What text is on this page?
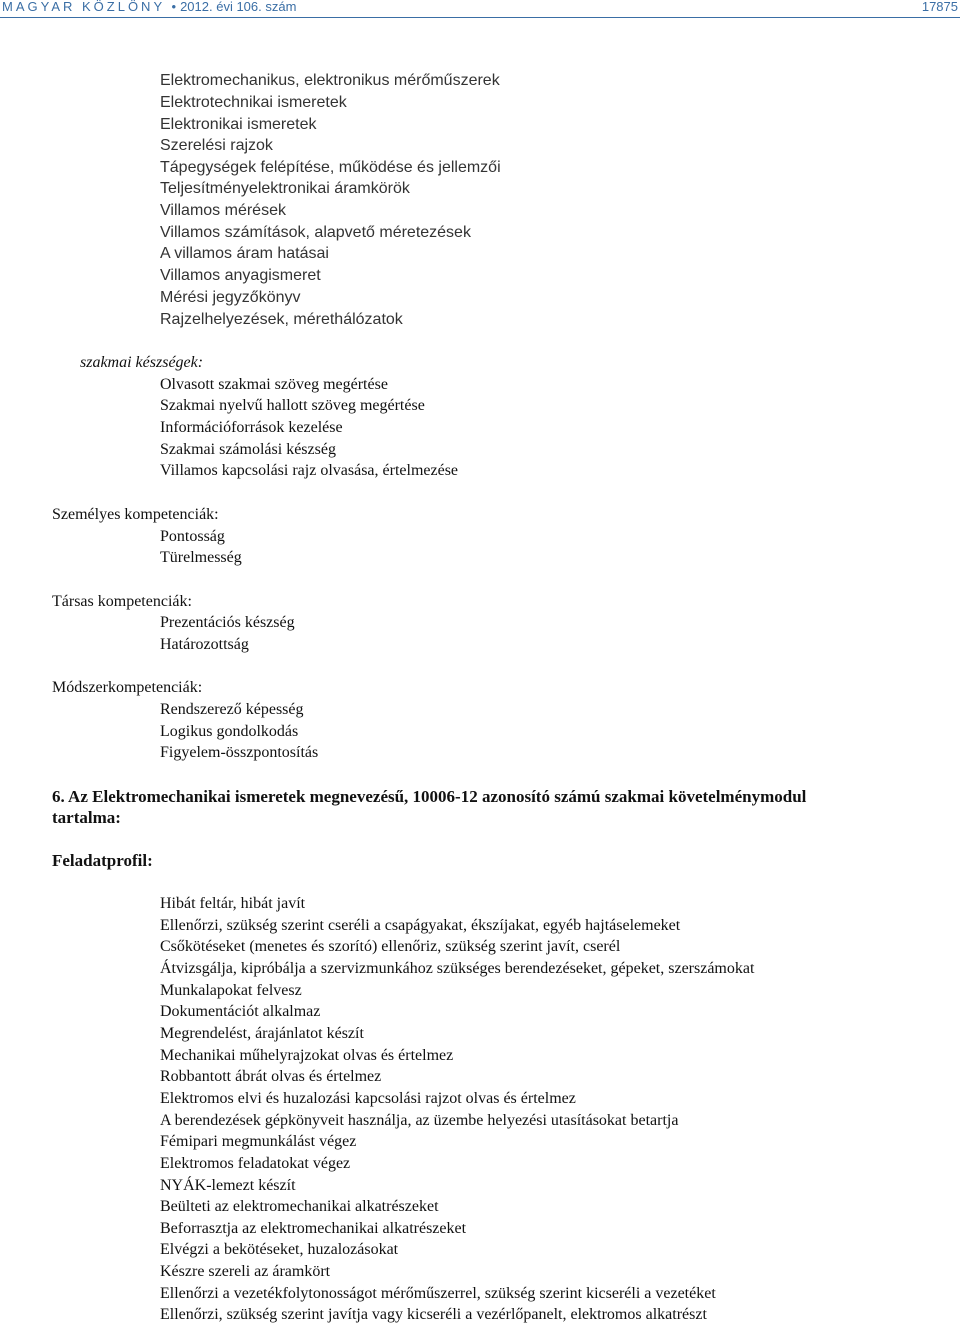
MAGYAR KÖZLÖNY • 2012. évi 106. szám	17875
Elektromechanikus, elektronikus mérőműszerek
Elektrotechnikai ismeretek
Elektronikai ismeretek
Szerelési rajzok
Tápegységek felépítése, működése és jellemzői
Teljesítményelektronikai áramkörök
Villamos mérések
Villamos számítások, alapvető méretezések
A villamos áram hatásai
Villamos anyagismeret
Mérési jegyzőkönyv
Rajzelhelyezések, mérethálózatok
szakmai készségek:
Olvasott szakmai szöveg megértése
Szakmai nyelvű hallott szöveg megértése
Információforrások kezelése
Szakmai számolási készség
Villamos kapcsolási rajz olvasása, értelmezése
Személyes kompetenciák:
Pontosság
Türelmesség
Társas kompetenciák:
Prezentációs készség
Határozottság
Módszerkompetenciák:
Rendszerező képesség
Logikus gondolkodás
Figyelem-összpontosítás
6. Az Elektromechanikai ismeretek megnevezésű, 10006-12 azonosító számú szakmai követelménymodul
tartalma:
Feladatprofil:
Hibát feltár, hibát javít
Ellenőrzi, szükség szerint cseréli a csapágyakat, ékszíjakat, egyéb hajtáselemeket
Csőkötéseket (menetes és szorító) ellenőriz, szükség szerint javít, cserél
Átvizsgálja, kipróbálja a szervizmunkához szükséges berendezéseket, gépeket, szerszámokat
Munkalapokat felvesz
Dokumentációt alkalmaz
Megrendelést, árajánlatot készít
Mechanikai műhelyrajzokat olvas és értelmez
Robbantott ábrát olvas és értelmez
Elektromos elvi és huzalozási kapcsolási rajzot olvas és értelmez
A berendezések gépkönyveit használja, az üzembe helyezési utasításokat betartja
Fémipari megmunkálást végez
Elektromos feladatokat végez
NYÁK-lemezt készít
Beülteti az elektromechanikai alkatrészeket
Beforrasztja az elektromechanikai alkatrészeket
Elvégzi a bekötéseket, huzalozásokat
Készre szereli az áramkört
Ellenőrzi a vezetékfolytonosságot mérőműszerrel, szükség szerint kicseréli a vezetéket
Ellenőrzi, szükség szerint javítja vagy kicseréli a vezérlőpanelt, elektromos alkatrészt
